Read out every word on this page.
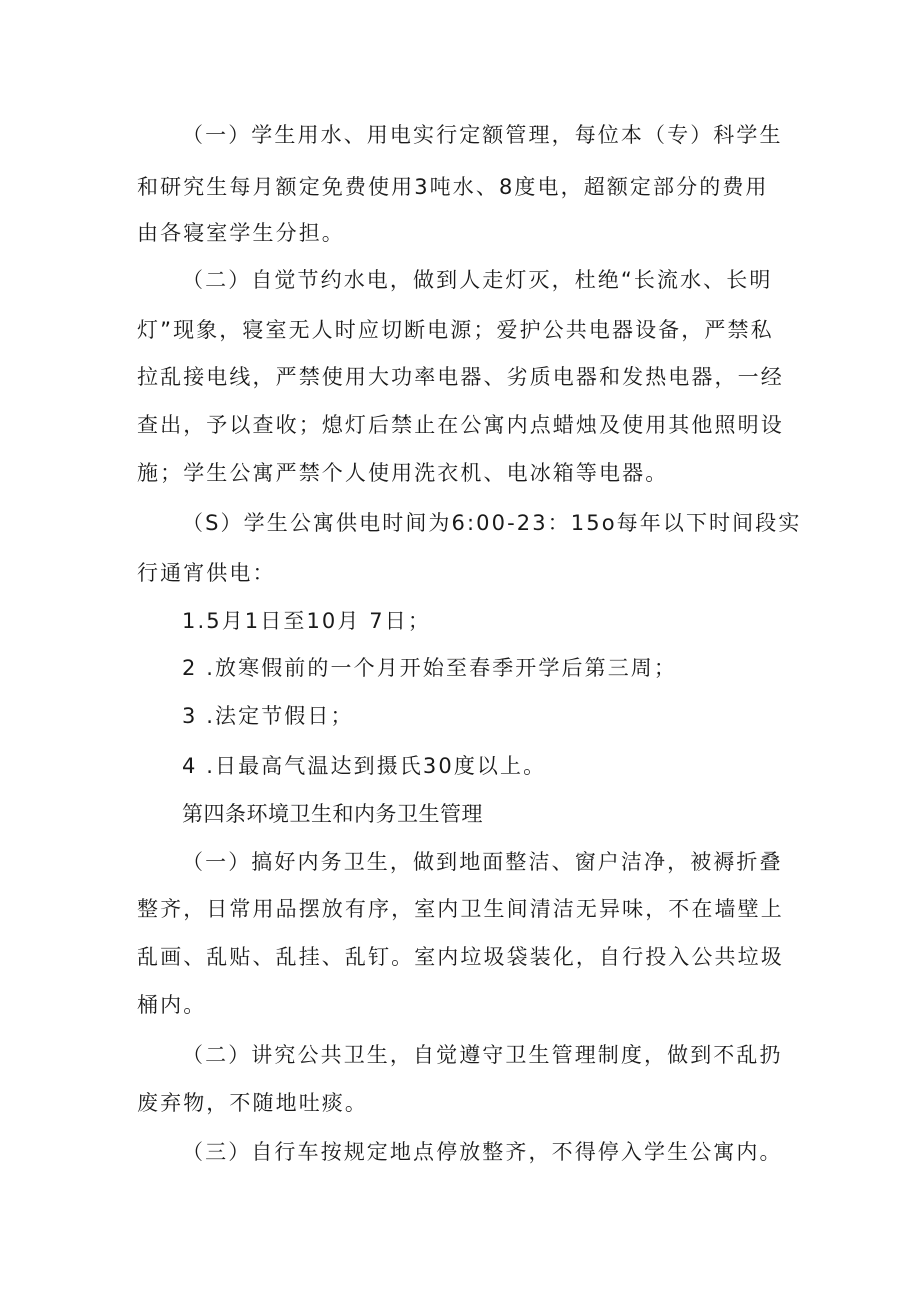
（一）学生用水、用电实行定额管理，每位本（专）科学生
和研究生每月额定免费使用3吨水、8度电，超额定部分的费用
由各寝室学生分担。
（二）自觉节约水电，做到人走灯灭，杜绝“长流水、长明
灯”现象，寝室无人时应切断电源；爱护公共电器设备，严禁私
拉乱接电线，严禁使用大功率电器、劣质电器和发热电器，一经
查出，予以查收；熄灯后禁止在公寓内点蜡烛及使用其他照明设
施；学生公寓严禁个人使用洗衣机、电冰箱等电器。
（S）学生公寓供电时间为6:00-23：15o每年以下时间段实
行通宵供电：
1.5月1日至10月 7日；
2 .放寒假前的一个月开始至春季开学后第三周；
3 .法定节假日；
4 .日最高气温达到摄氏30度以上。
第四条环境卫生和内务卫生管理
（一）搞好内务卫生，做到地面整洁、窗户洁净，被褥折叠
整齐，日常用品摆放有序，室内卫生间清洁无异味，不在墙壁上
乱画、乱贴、乱挂、乱钉。室内垃圾袋装化，自行投入公共垃圾
桶内。
（二）讲究公共卫生，自觉遵守卫生管理制度，做到不乱扔
废弃物，不随地吐痰。
（三）自行车按规定地点停放整齐，不得停入学生公寓内。
